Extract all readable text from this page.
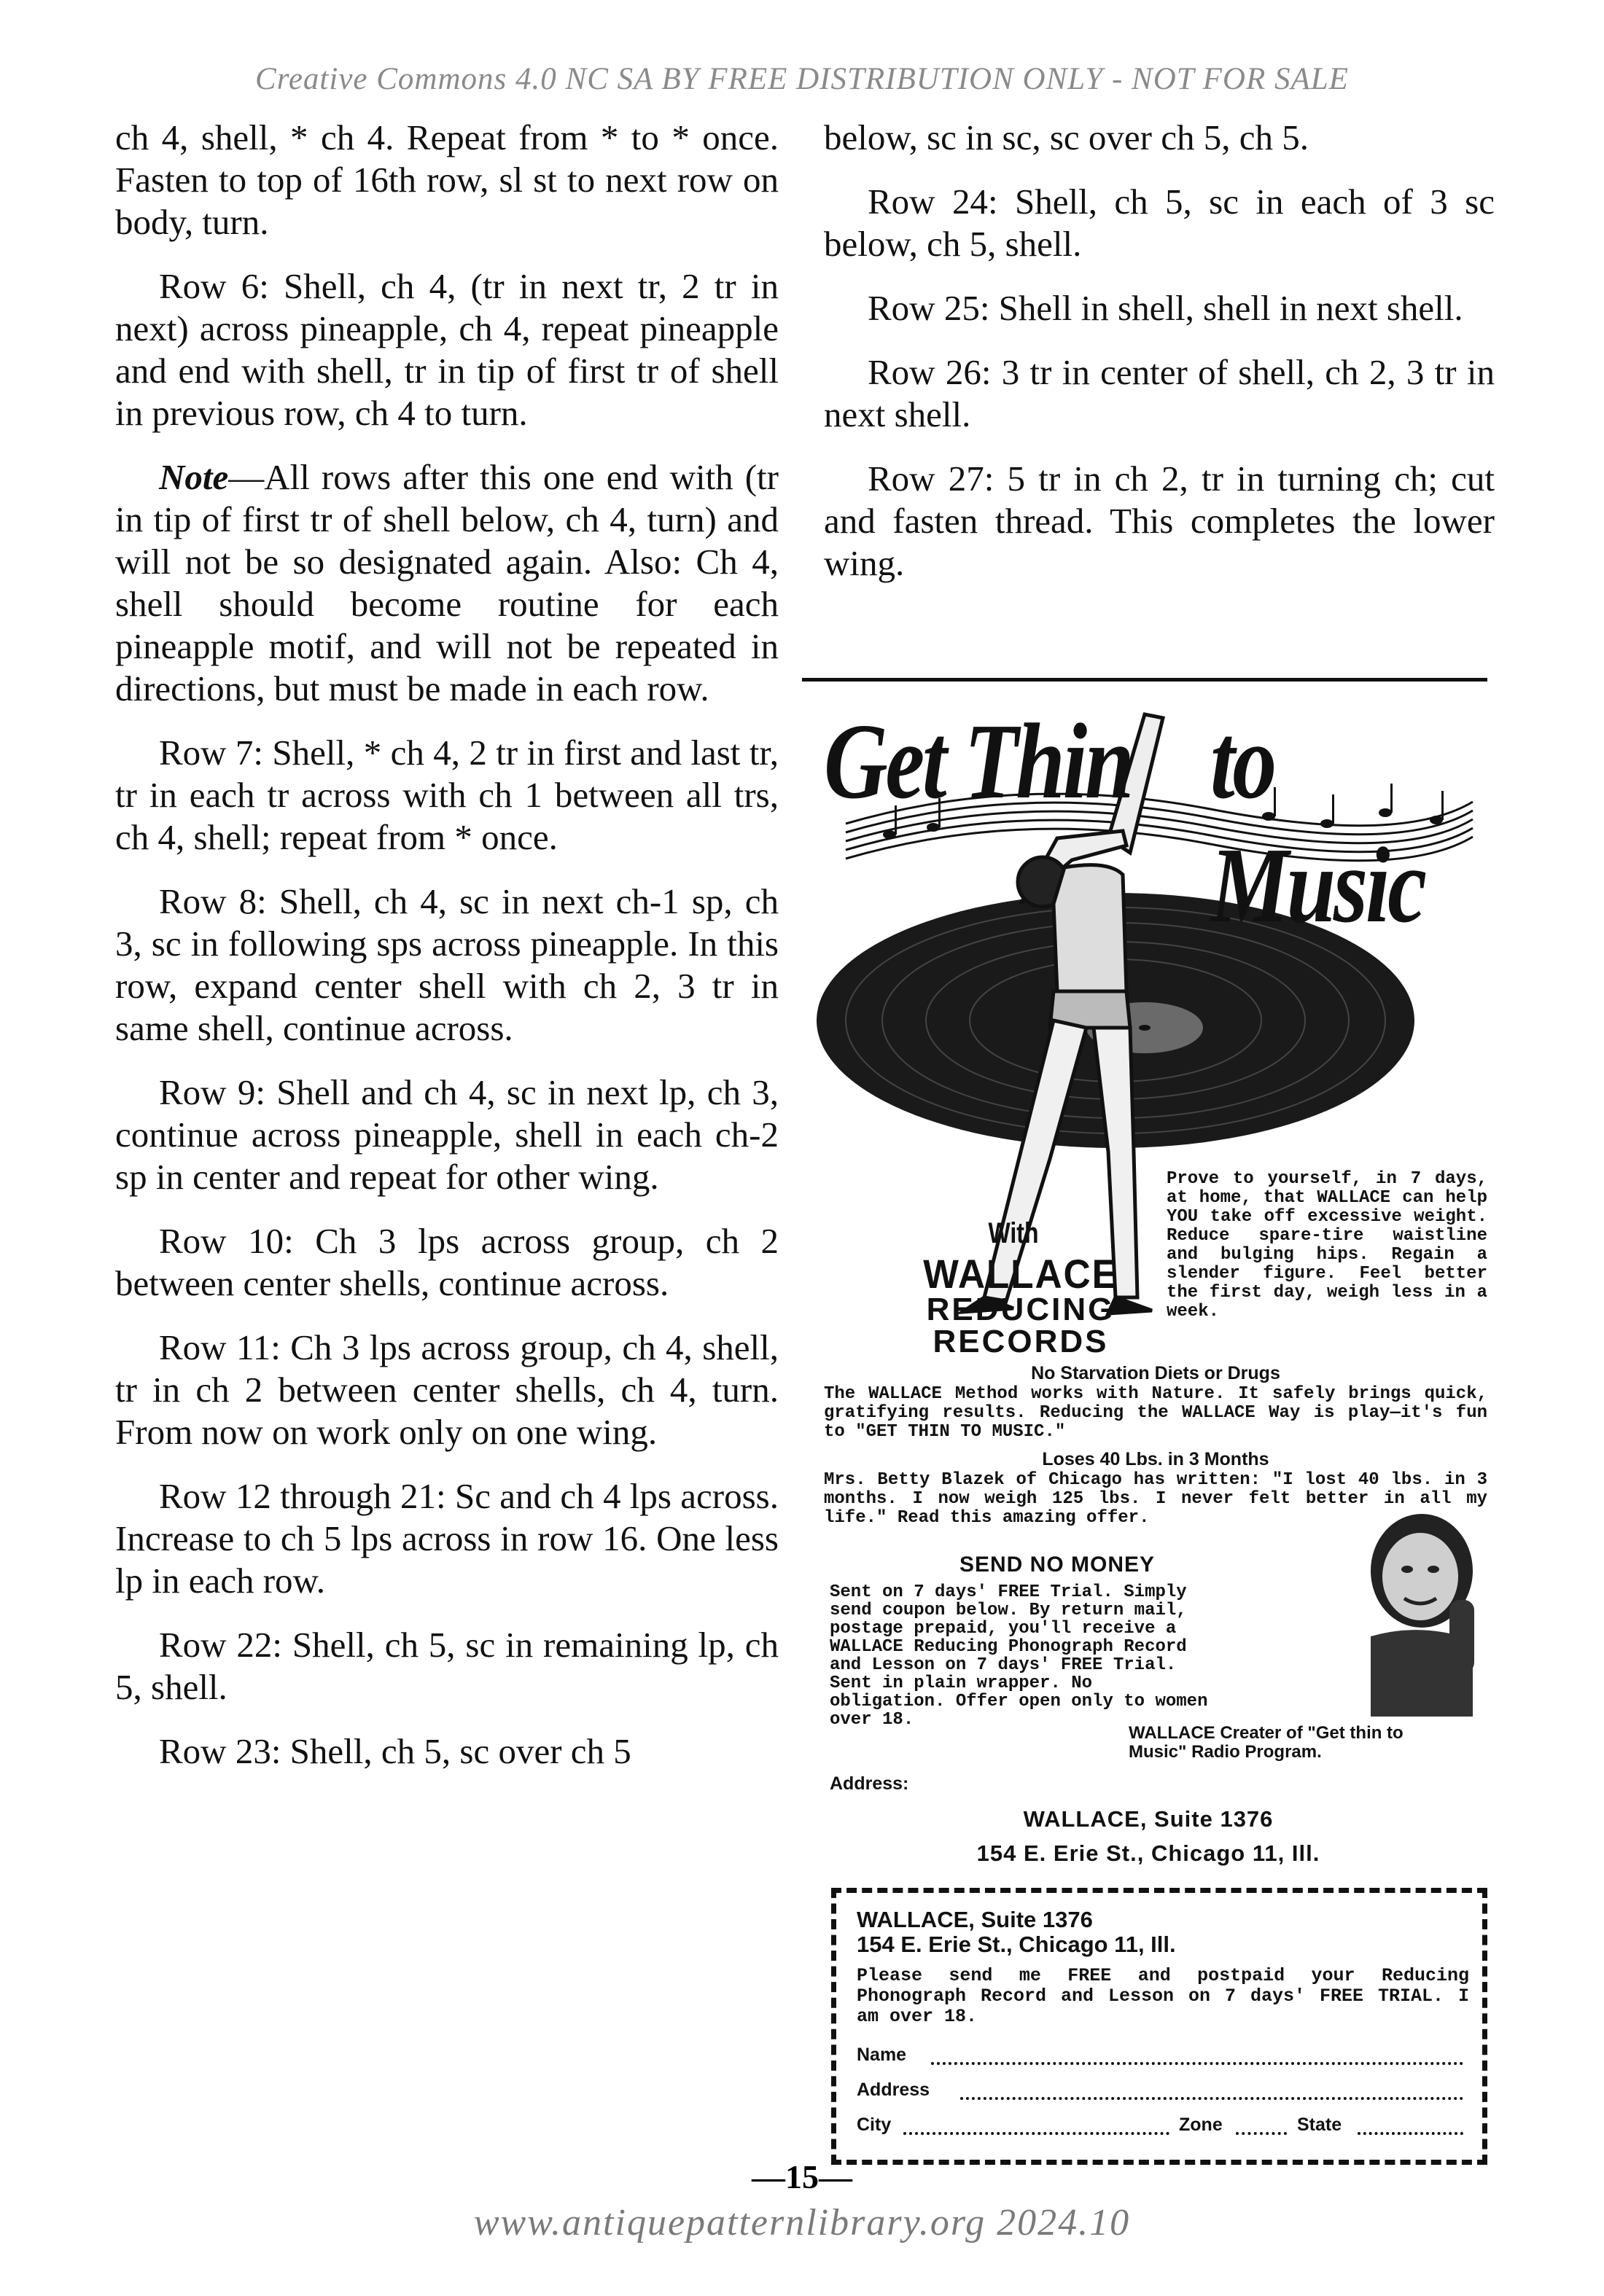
Creative Commons 4.0 NC SA BY FREE DISTRIBUTION ONLY - NOT FOR SALE

ch 4, shell, * ch 4. Repeat from * to * once. Fasten to top of 16th row, sl st to next row on body, turn.

Row 6: Shell, ch 4, (tr in next tr, 2 tr in next) across pineapple, ch 4, repeat pineapple and end with shell, tr in tip of first tr of shell in previous row, ch 4 to turn.

Note—All rows after this one end with (tr in tip of first tr of shell below, ch 4, turn) and will not be so designated again. Also: Ch 4, shell should become routine for each pineapple motif, and will not be repeated in directions, but must be made in each row.

Row 7: Shell, * ch 4, 2 tr in first and last tr, tr in each tr across with ch 1 between all trs, ch 4, shell; repeat from * once.

Row 8: Shell, ch 4, sc in next ch-1 sp, ch 3, sc in following sps across pineapple. In this row, expand center shell with ch 2, 3 tr in same shell, continue across.

Row 9: Shell and ch 4, sc in next lp, ch 3, continue across pineapple, shell in each ch-2 sp in center and repeat for other wing.

Row 10: Ch 3 lps across group, ch 2 between center shells, continue across.

Row 11: Ch 3 lps across group, ch 4, shell, tr in ch 2 between center shells, ch 4, turn. From now on work only on one wing.

Row 12 through 21: Sc and ch 4 lps across. Increase to ch 5 lps across in row 16. One less lp in each row.

Row 22: Shell, ch 5, sc in remaining lp, ch 5, shell.

Row 23: Shell, ch 5, sc over ch 5

below, sc in sc, sc over ch 5, ch 5.

Row 24: Shell, ch 5, sc in each of 3 sc below, ch 5, shell.

Row 25: Shell in shell, shell in next shell.

Row 26: 3 tr in center of shell, ch 2, 3 tr in next shell.

Row 27: 5 tr in ch 2, tr in turning ch; cut and fasten thread. This completes the lower wing.

Get Thin to Music
With
WALLACE
REDUCING
RECORDS
Prove to yourself, in 7 days, at home, that WALLACE can help YOU take off excessive weight. Reduce spare-tire waistline and bulging hips. Regain a slender figure. Feel better the first day, weigh less in a week.
No Starvation Diets or Drugs
The WALLACE Method works with Nature. It safely brings quick, gratifying results. Reducing the WALLACE Way is play—it's fun to "GET THIN TO MUSIC."
Loses 40 Lbs. in 3 Months
Mrs. Betty Blazek of Chicago has written: "I lost 40 lbs. in 3 months. I now weigh 125 lbs. I never felt better in all my life." Read this amazing offer.
SEND NO MONEY
Sent on 7 days' FREE Trial. Simply send coupon below. By return mail, postage prepaid, you'll receive a WALLACE Reducing Phonograph Record and Lesson on 7 days' FREE Trial. Sent in plain wrapper. No obligation. Offer open only to women over 18.
WALLACE Creater of "Get thin to Music" Radio Program.
Address:
WALLACE, Suite 1376
154 E. Erie St., Chicago 11, Ill.
WALLACE, Suite 1376
154 E. Erie St., Chicago 11, Ill.
Please send me FREE and postpaid your Reducing Phonograph Record and Lesson on 7 days' FREE TRIAL. I am over 18.
Name
Address
City	Zone	State
—15—
www.antiquepatternlibrary.org 2024.10
